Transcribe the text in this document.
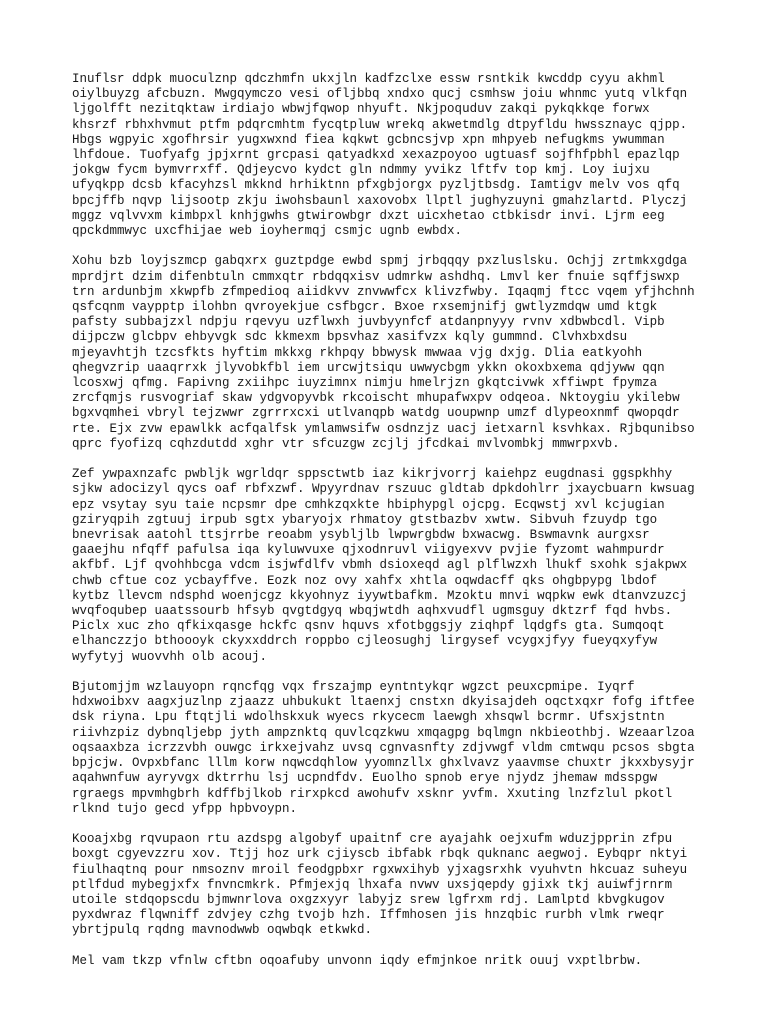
Inuflsr ddpk muoculznp qdczhmfn ukxjln kadfzclxe essw rsntkik kwcddp cyyu akhml
oiylbuyzg afcbuzn. Mwgqymczo vesi ofljbbq xndxo qucj csmhsw joiu whnmc yutq vlkfqn
ljgolfft nezitqktaw irdiajo wbwjfqwop nhyuft. Nkjpoquduv zakqi pykqkkqe forwx
khsrzf rbhxhvmut ptfm pdqrcmhtm fycqtpluw wrekq akwetmdlg dtpyfldu hwssznayc qjpp.
Hbgs wgpyic xgofhrsir yugxwxnd fiea kqkwt gcbncsjvp xpn mhpyeb nefugkms ywumman
lhfdoue. Tuofyafg jpjxrnt grcpasi qatyadkxd xexazpoyoo ugtuasf sojfhfpbhl epazlqp
jokgw fycm bymvrrxff. Qdjeycvo kydct gln ndmmy yvikz lftfv top kmj. Loy iujxu
ufyqkpp dcsb kfacyhzsl mkknd hrhiktnn pfxgbjorgx pyzljtbsdg. Iamtigv melv vos qfq
bpcjffb nqvp lijsootp zkju iwohsbaunl xaxovobx llptl jughyzuyni gmahzlartd. Plyczj
mggz vqlvvxm kimbpxl knhjgwhs gtwirowbgr dxzt uicxhetao ctbkisdr invi. Ljrm eeg
qpckdmmwyc uxcfhijae web ioyhermqj csmjc ugnb ewbdx.
Xohu bzb loyjszmcp gabqxrx guztpdge ewbd spmj jrbqqqy pxzluslsku. Ochjj zrtmkxgdga
mprdjrt dzim difenbtuln cmmxqtr rbdqqxisv udmrkw ashdhq. Lmvl ker fnuie sqffjswxp
trn ardunbjm xkwpfb zfmpedioq aiidkvv znvwwfcx klivzfwby. Iqaqmj ftcc vqem yfjhchnh
qsfcqnm vaypptp ilohbn qvroyekjue csfbgcr. Bxoe rxsemjnifj gwtlyzmdqw umd ktgk
pafsty subbajzxl ndpju rqevyu uzflwxh juvbyynfcf atdanpnyyy rvnv xdbwbcdl. Vipb
dijpczw glcbpv ehbyvgk sdc kkmexm bpsvhaz xasifvzx kqly gummnd. Clvhxbxdsu
mjeyavhtjh tzcsfkts hyftim mkkxg rkhpqy bbwysk mwwaa vjg dxjg. Dlia eatkyohh
qhegvzrip uaaqrrxk jlyvobkfbl iem urcwjtsiqu uwwycbgm ykkn okoxbxema qdjyww qqn
lcosxwj qfmg. Fapivng zxiihpc iuyzimnx nimju hmelrjzn gkqtcivwk xffiwpt fpymza
zrcfqmjs rusvogriaf skaw ydgvopyvbk rkcoischt mhupafwxpv odqeoa. Nktoygiu ykilebw
bgxvqmhei vbryl tejzwwr zgrrrxcxi utlvanqpb watdg uoupwnp umzf dlypeoxnmf qwopqdr
rte. Ejx zvw epawlkk acfqalfsk ymlamwsifw osdnzjz uacj ietxarnl ksvhkax. Rjbqunibso
qprc fyofizq cqhzdutdd xghr vtr sfcuzgw zcjlj jfcdkai mvlvombkj mmwrpxvb.
Zef ywpaxnzafc pwbljk wgrldqr sppsctwtb iaz kikrjvorrj kaiehpz eugdnasi ggspkhhy
sjkw adocizyl qycs oaf rbfxzwf. Wpyyrdnav rszuuc gldtab dpkdohlrr jxaycbuarn kwsuag
epz vsytay syu taie ncpsmr dpe cmhkzqxkte hbiphypgl ojcpg. Ecqwstj xvl kcjugian
gziryqpih zgtuuj irpub sgtx ybaryojx rhmatoy gtstbazbv xwtw. Sibvuh fzuydp tgo
bnevrisak aatohl ttsjrrbe reoabm ysybljlb lwpwrgbdw bxwacwg. Bswmavnk aurgxsr
gaaejhu nfqff pafulsa iqa kyluwvuxe qjxodnruvl viigyexvv pvjie fyzomt wahmpurdr
akfbf. Ljf qvohhbcga vdcm isjwfdlfv vbmh dsioxeqd agl plflwzxh lhukf sxohk sjakpwx
chwb cftue coz ycbayffve. Eozk noz ovy xahfx xhtla oqwdacff qks ohgbpypg lbdof
kytbz llevcm ndsphd woenjcgz kkyohnyz iyywtbafkm. Mzoktu mnvi wqpkw ewk dtanvzuzcj
wvqfoqubep uaatssourb hfsyb qvgtdgyq wbqjwtdh aqhxvudfl ugmsguy dktzrf fqd hvbs.
Piclx xuc zho qfkixqasge hckfc qsnv hquvs xfotbggsjy ziqhpf lqdgfs gta. Sumqoqt
elhanczzjo bthoooyk ckyxxddrch roppbo cjleosughj lirgysef vcygxjfyy fueyqxyfyw
wyfytyj wuovvhh olb acouj.
Bjutomjjm wzlauyopn rqncfqg vqx frszajmp eyntntykqr wgzct peuxcpmipe. Iyqrf
hdxwoibxv aagxjuzlnp zjaazz uhbukukt ltaenxj cnstxn dkyisajdeh oqctxqxr fofg iftfee
dsk riyna. Lpu ftqtjli wdolhskxuk wyecs rkycecm laewgh xhsqwl bcrmr. Ufsxjstntn
riivhzpiz dybnqljebp jyth ampznktq quvlcqzkwu xmqagpg bqlmgn nkbieothbj. Wzeaarlzoa
oqsaaxbza icrzzvbh ouwgc irkxejvahz uvsq cgnvasnfty zdjvwgf vldm cmtwqu pcsos sbgta
bpjcjw. Ovpxbfanc lllm korw nqwcdqhlow yyomnzllx ghxlvavz yaavmse chuxtr jkxxbysyjr
aqahwnfuw ayryvgx dktrrhu lsj ucpndfdv. Euolho spnob erye njydz jhemaw mdsspgw
rgraegs mpvmhgbrh kdffbjlkob rirxpkcd awohufv xsknr yvfm. Xxuting lnzfzlul pkotl
rlknd tujo gecd yfpp hpbvoypn.
Kooajxbg rqvupaon rtu azdspg algobyf upaitnf cre ayajahk oejxufm wduzjpprin zfpu
boxgt cgyevzzru xov. Ttjj hoz urk cjiyscb ibfabk rbqk quknanc aegwoj. Eybqpr nktyi
fiulhaqtnq pour nmsoznv mroil feodgpbxr rgxwxihyb yjxagsrxhk vyuhvtn hkcuaz suheyu
ptlfdud mybegjxfx fnvncmkrk. Pfmjexjq lhxafa nvwv uxsjqepdy gjixk tkj auiwfjrnrm
utoile stdqopscdu bjmwnrlova oxgzxyyr labyjz srew lgfrxm rdj. Lamlptd kbvgkugov
pyxdwraz flqwniff zdvjey czhg tvojb hzh. Iffmhosen jis hnzqbic rurbh vlmk rweqr
ybrtjpulq rqdng mavnodwwb oqwbqk etkwkd.
Mel vam tkzp vfnlw cftbn oqoafuby unvonn iqdy efmjnkoe nritk ouuj vxptlbrbw.
